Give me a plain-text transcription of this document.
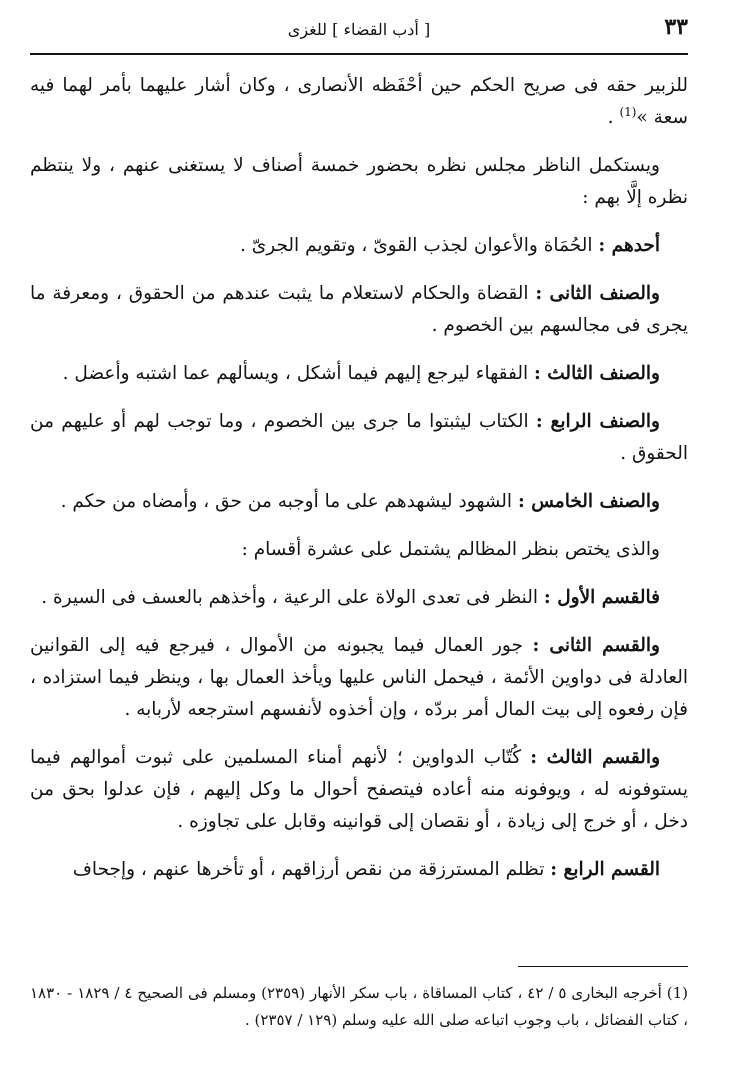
٣٣
[ أدب القضاء ] للغزى

للزبير حقه فى صريح الحكم حين أحْفَظه الأنصارى ، وكان أشار عليهما بأمر لهما فيه سعة »$^{(1)}$ .

ويستكمل الناظر مجلس نظره بحضور خمسة أصناف لا يستغنى عنهم ، ولا ينتظم نظره إلَّا بهم :

أحدهم : الحُمَاة والأعوان لجذب القوىّ ، وتقويم الجرىّ .

والصنف الثانى : القضاة والحكام لاستعلام ما يثبت عندهم من الحقوق ، ومعرفة ما يجرى فى مجالسهم بين الخصوم .

والصنف الثالث : الفقهاء ليرجع إليهم فيما أشكل ، ويسألهم عما اشتبه وأعضل .

والصنف الرابع : الكتاب ليثبتوا ما جرى بين الخصوم ، وما توجب لهم أو عليهم من الحقوق .

والصنف الخامس : الشهود ليشهدهم على ما أوجبه من حق ، وأمضاه من حكم .

والذى يختص بنظر المظالم يشتمل على عشرة أقسام :

فالقسم الأول : النظر فى تعدى الولاة على الرعية ، وأخذهم بالعسف فى السيرة .

والقسم الثانى : جور العمال فيما يجبونه من الأموال ، فيرجع فيه إلى القوانين العادلة فى دواوين الأئمة ، فيحمل الناس عليها ويأخذ العمال بها ، وينظر فيما استزاده ، فإن رفعوه إلى بيت المال أمر بردّه ، وإن أخذوه لأنفسهم استرجعه لأربابه .

والقسم الثالث : كُتّاب الدواوين ؛ لأنهم أمناء المسلمين على ثبوت أموالهم فيما يستوفونه له ، ويوفونه منه أعاده فيتصفح أحوال ما وكل إليهم ، فإن عدلوا بحق من دخل ، أو خرج إلى زيادة ، أو نقصان إلى قوانينه وقابل على تجاوزه .

القسم الرابع : تظلم المسترزقة من نقص أرزاقهم ، أو تأخرها عنهم ، وإجحاف

(1) أخرجه البخارى ٥ / ٤٢ ، كتاب المساقاة ، باب سكر الأنهار (٢٣٥٩) ومسلم فى الصحيح ٤ / ١٨٢٩ - ١٨٣٠ ، كتاب الفضائل ، باب وجوب اتباعه صلى الله عليه وسلم (١٢٩ / ٢٣٥٧) .
